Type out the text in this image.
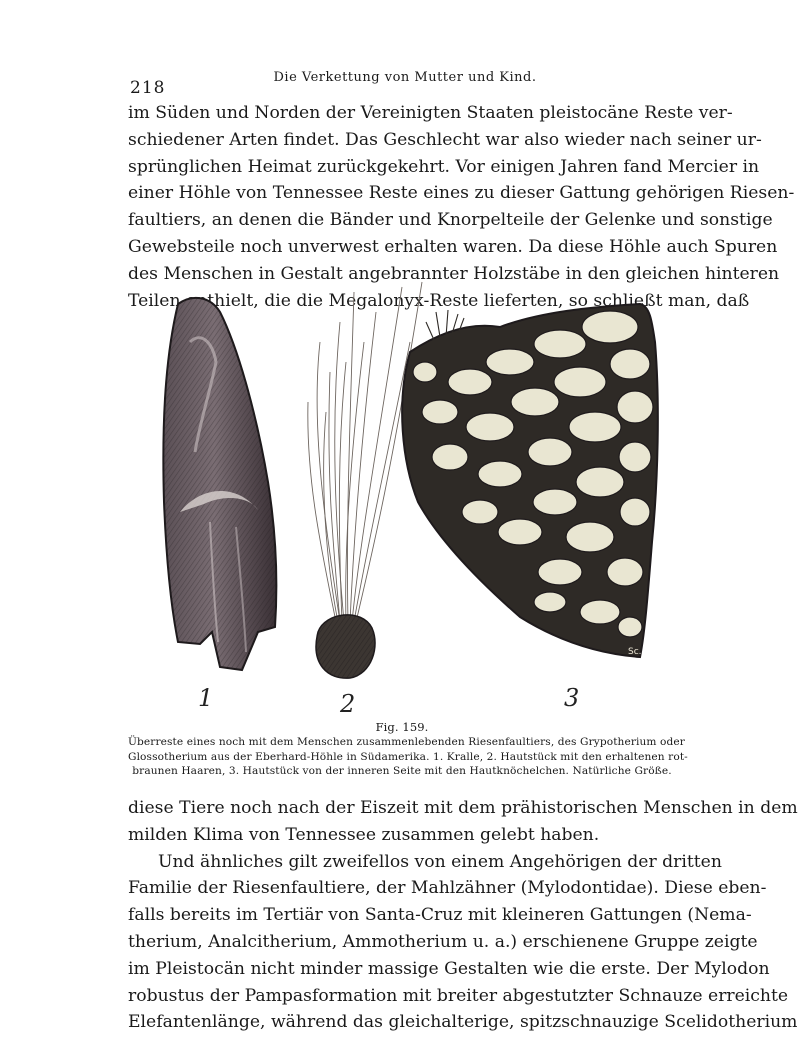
218
Die Verkettung von Mutter und Kind.
im Süden und Norden der Vereinigten Staaten pleistocäne Reste ver-
schiedener Arten findet. Das Geschlecht war also wieder nach seiner ur-
sprünglichen Heimat zurückgekehrt. Vor einigen Jahren fand Mercier in
einer Höhle von Tennessee Reste eines zu dieser Gattung gehörigen Riesen-
faultiers, an denen die Bänder und Knorpelteile der Gelenke und sonstige
Gewebsteile noch unverwest erhalten waren. Da diese Höhle auch Spuren
des Menschen in Gestalt angebrannter Holzstäbe in den gleichen hinteren
Teilen enthielt, die die Megalonyx-Reste lieferten, so schließt man, daß
1	2	3
Sc.
Fig. 159.
Überreste eines noch mit dem Menschen zusammenlebenden Riesenfaultiers, des Grypotherium oder
Glossotherium aus der Eberhard-Höhle in Südamerika. 1. Kralle, 2. Hautstück mit den erhaltenen rot-
braunen Haaren, 3. Hautstück von der inneren Seite mit den Hautknöchelchen. Natürliche Größe.
diese Tiere noch nach der Eiszeit mit dem prähistorischen Menschen in dem
milden Klima von Tennessee zusammen gelebt haben.
Und ähnliches gilt zweifellos von einem Angehörigen der dritten
Familie der Riesenfaultiere, der Mahlzähner (Mylodontidae). Diese eben-
falls bereits im Tertiär von Santa-Cruz mit kleineren Gattungen (Nema-
therium, Analcitherium, Ammotherium u. a.) erschienene Gruppe zeigte
im Pleistocän nicht minder massige Gestalten wie die erste. Der Mylodon
robustus der Pampasformation mit breiter abgestutzter Schnauze erreichte
Elefantenlänge, während das gleichalterige, spitzschnauzige Scelidotherium
